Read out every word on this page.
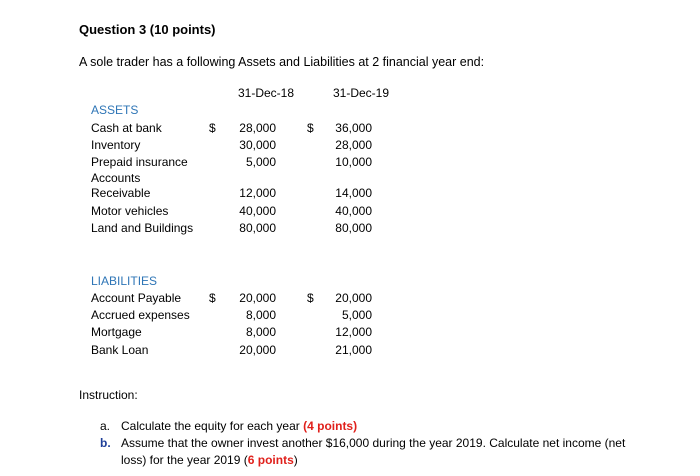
Question 3 (10 points)
A sole trader has a following Assets and Liabilities at 2 financial year end:
31-Dec-18	31-Dec-19
ASSETS
Cash at bank	$	28,000	$	36,000
Inventory	30,000	28,000
Prepaid insurance	5,000	10,000
Accounts
Receivable	12,000	14,000
Motor vehicles	40,000	40,000
Land and Buildings	80,000	80,000
LIABILITIES
Account Payable $	20,000	$	20,000
Accrued expenses	8,000	5,000
Mortgage	8,000	12,000
Bank Loan	20,000	21,000
Instruction:
a. Calculate the equity for each year (4 points)
b. Assume that the owner invest another $16,000 during the year 2019. Calculate net income (net
loss) for the year 2019 (6 points)
